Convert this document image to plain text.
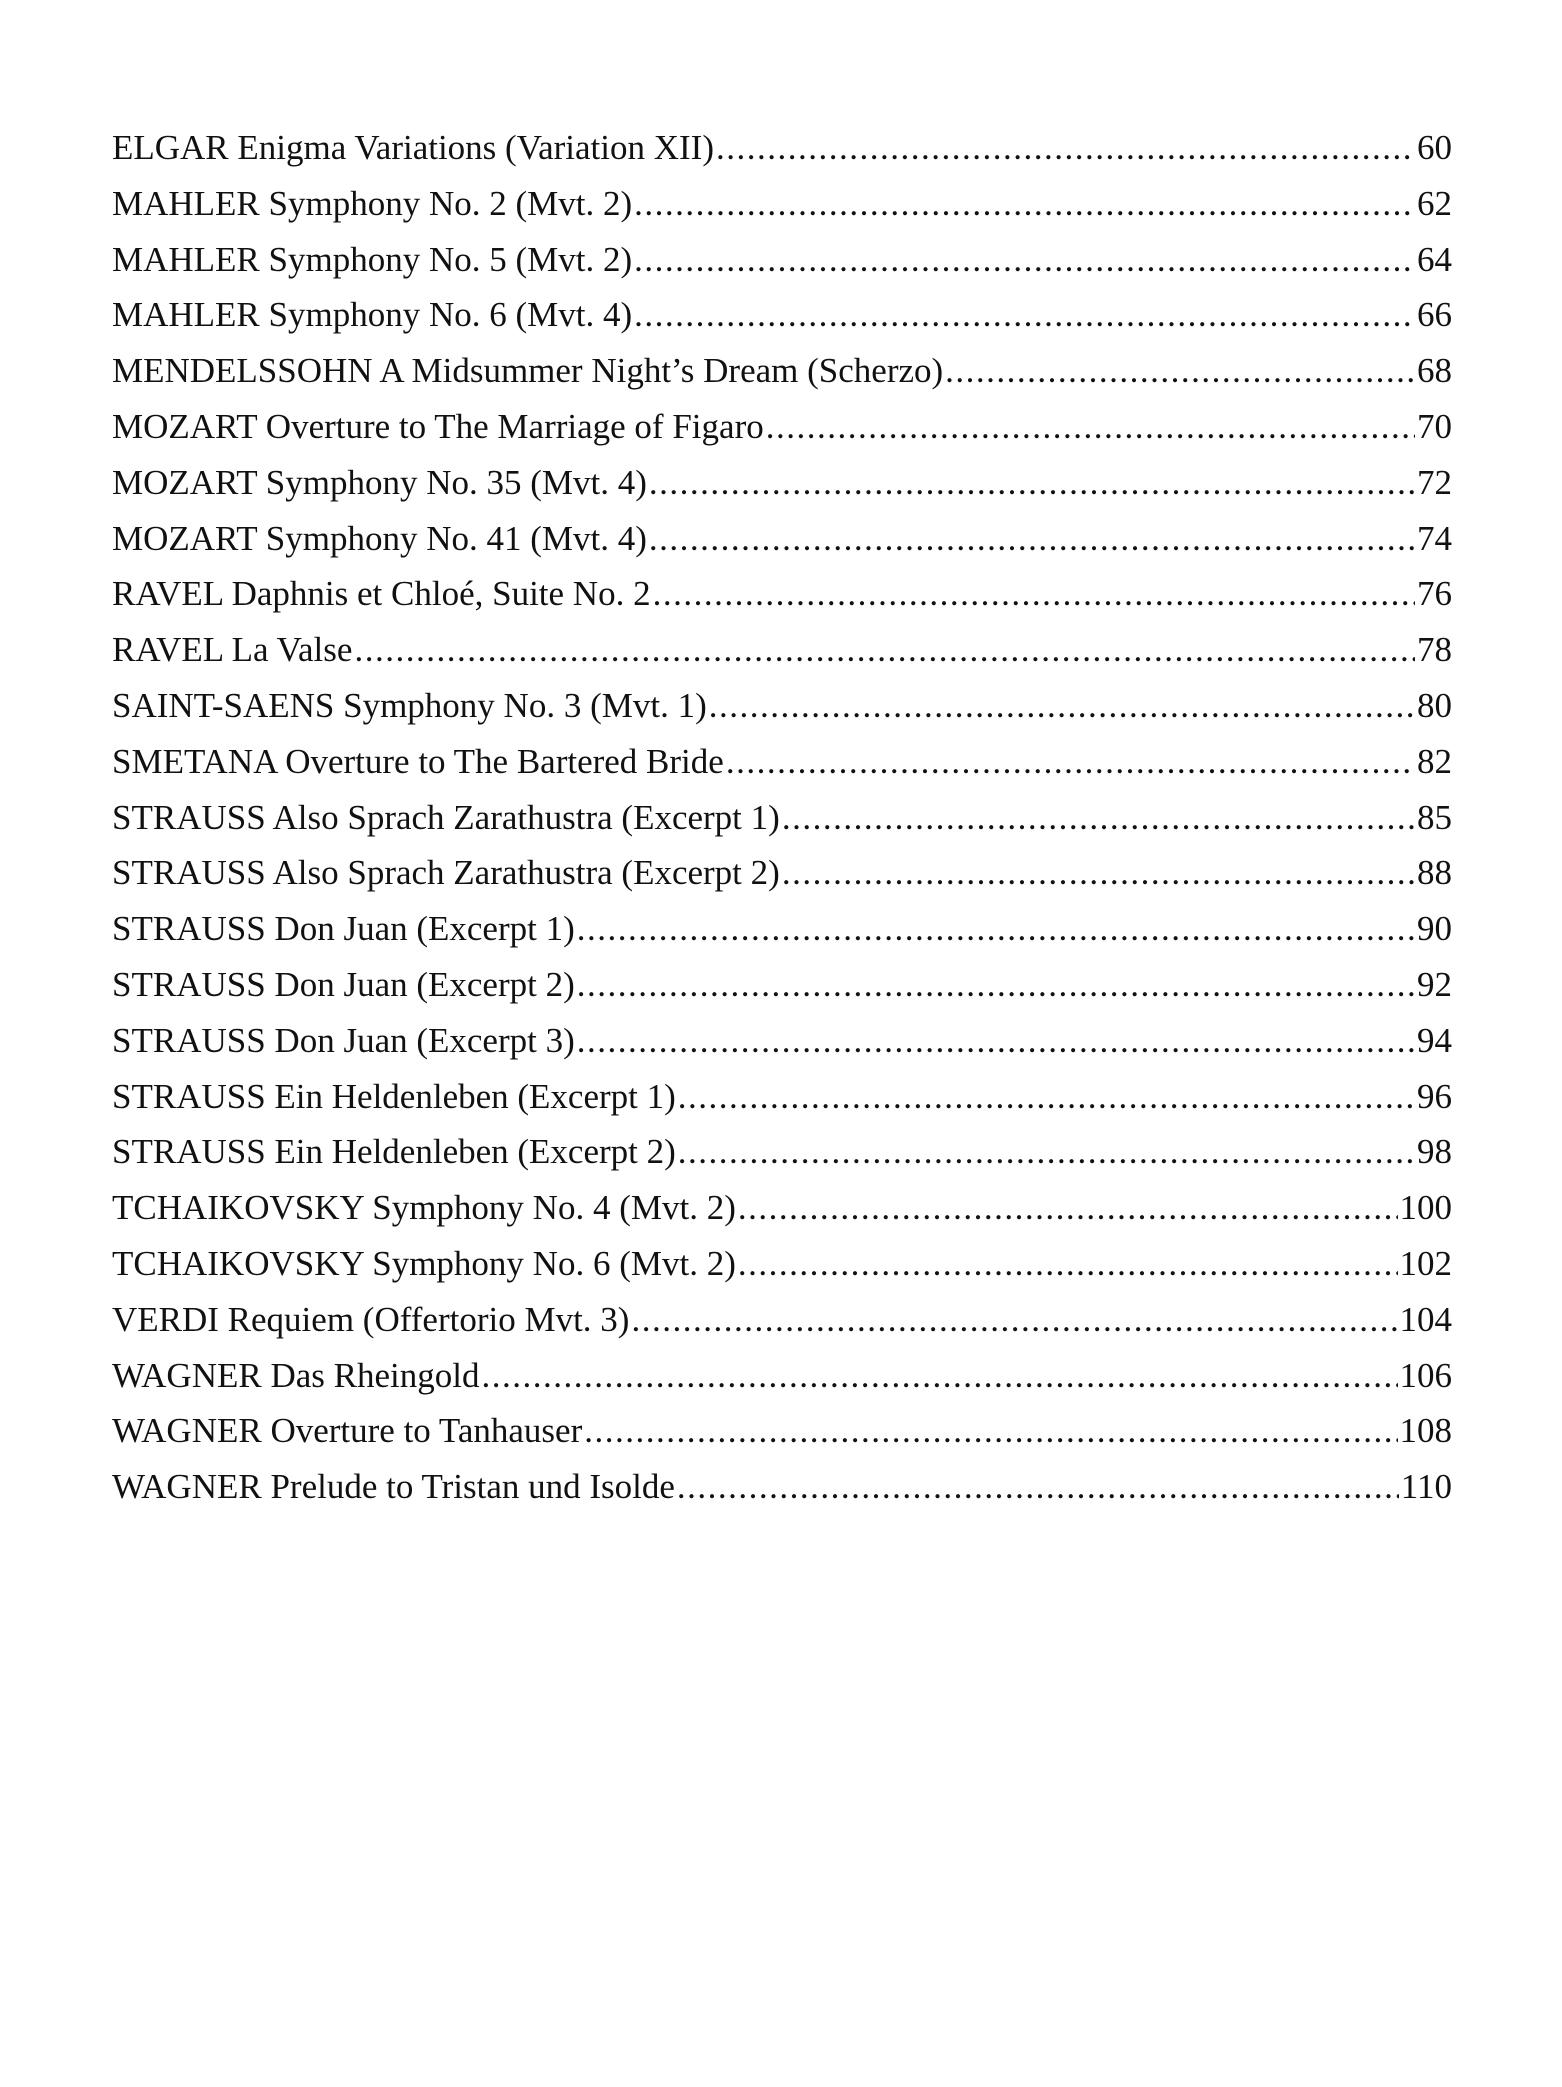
ELGAR Enigma Variations (Variation XII) .....	60
MAHLER Symphony No. 2 (Mvt. 2) .....	62
MAHLER Symphony No. 5 (Mvt. 2) .....	64
MAHLER Symphony No. 6 (Mvt. 4) .....	66
MENDELSSOHN A Midsummer Night’s Dream (Scherzo) .....	68
MOZART Overture to The Marriage of Figaro .....	70
MOZART Symphony No. 35 (Mvt. 4) .....	72
MOZART Symphony No. 41 (Mvt. 4) .....	74
RAVEL Daphnis et Chloé, Suite No. 2 .....	76
RAVEL La Valse .....	78
SAINT-SAENS Symphony No. 3 (Mvt. 1) .....	80
SMETANA Overture to The Bartered Bride .....	82
STRAUSS Also Sprach Zarathustra (Excerpt 1) .....	85
STRAUSS Also Sprach Zarathustra (Excerpt 2) .....	88
STRAUSS Don Juan (Excerpt 1) .....	90
STRAUSS Don Juan (Excerpt 2) .....	92
STRAUSS Don Juan (Excerpt 3) .....	94
STRAUSS Ein Heldenleben (Excerpt 1) .....	96
STRAUSS Ein Heldenleben (Excerpt 2) .....	98
TCHAIKOVSKY Symphony No. 4 (Mvt. 2) .....	100
TCHAIKOVSKY Symphony No. 6 (Mvt. 2) .....	102
VERDI Requiem (Offertorio Mvt. 3) .....	104
WAGNER Das Rheingold .....	106
WAGNER Overture to Tanhauser .....	108
WAGNER Prelude to Tristan und Isolde .....	110
